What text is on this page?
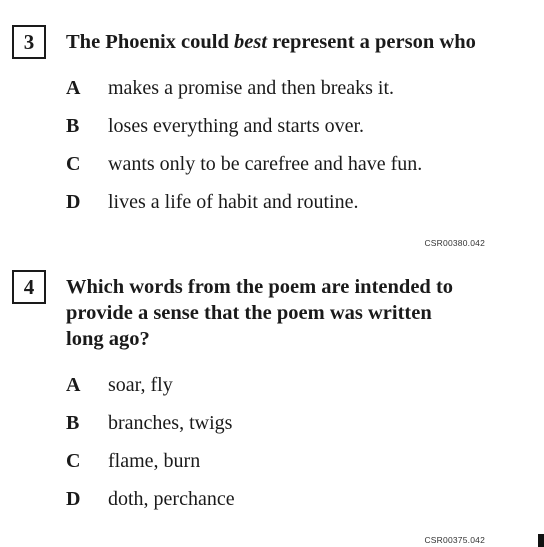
3	The Phoenix could best represent a person who
A makes a promise and then breaks it.
B loses everything and starts over.
C wants only to be carefree and have fun.
D lives a life of habit and routine.
CSR00380.042
4	Which words from the poem are intended to
provide a sense that the poem was written
long ago?
A soar, fly
B branches, twigs
C flame, burn
D doth, perchance
CSR00375.042
